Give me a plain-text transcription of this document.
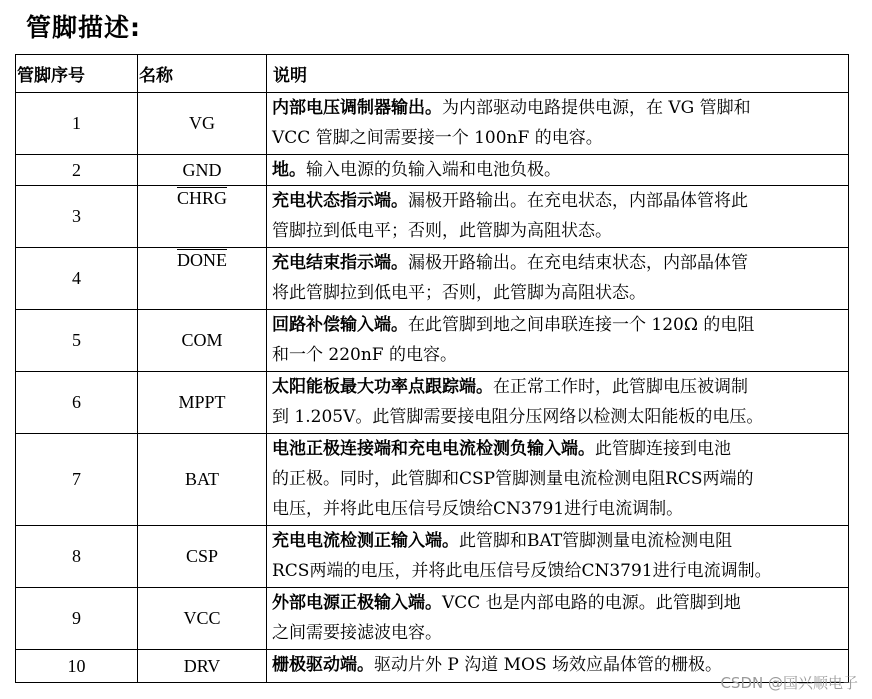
管脚描述:
管脚序号	名称	说明
1	VG	内部电压调制器输出。为内部驱动电路提供电源，在 VG 管脚和
VCC 管脚之间需要接一个 100nF 的电容。
2	GND	地。输入电源的负输入端和电池负极。
3	CHRG	充电状态指示端。漏极开路输出。在充电状态，内部晶体管将此
管脚拉到低电平；否则，此管脚为高阻状态。
4	DONE	充电结束指示端。漏极开路输出。在充电结束状态，内部晶体管
将此管脚拉到低电平；否则，此管脚为高阻状态。
5	COM	回路补偿输入端。在此管脚到地之间串联连接一个 120Ω 的电阻
和一个 220nF 的电容。
6	MPPT	太阳能板最大功率点跟踪端。在正常工作时，此管脚电压被调制
到 1.205V。此管脚需要接电阻分压网络以检测太阳能板的电压。
7	BAT	电池正极连接端和充电电流检测负输入端。此管脚连接到电池
的正极。同时，此管脚和CSP管脚测量电流检测电阻RCS两端的
电压，并将此电压信号反馈给CN3791进行电流调制。
8	CSP	充电电流检测正输入端。此管脚和BAT管脚测量电流检测电阻
RCS两端的电压，并将此电压信号反馈给CN3791进行电流调制。
9	VCC	外部电源正极输入端。VCC 也是内部电路的电源。此管脚到地
之间需要接滤波电容。
10	DRV	栅极驱动端。驱动片外 P 沟道 MOS 场效应晶体管的栅极。
CSDN @国兴顺电子
